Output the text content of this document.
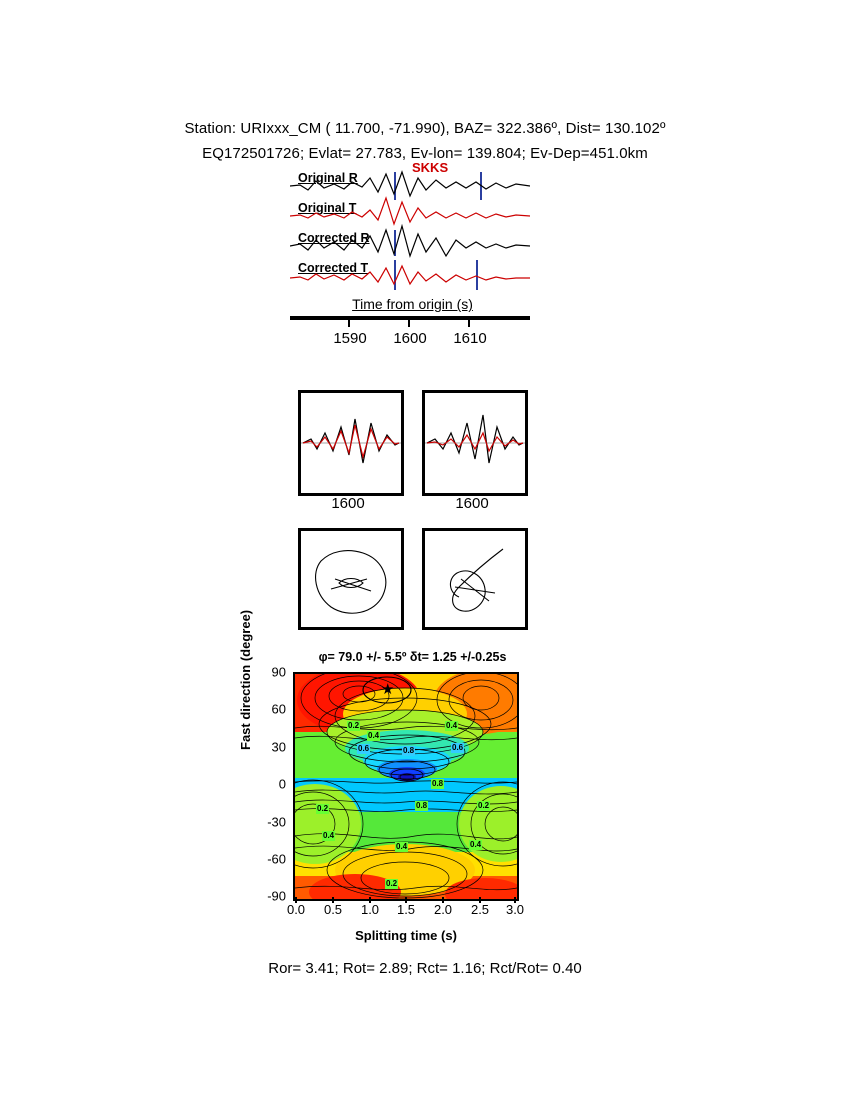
Station: URIxxx_CM ( 11.700, -71.990), BAZ= 322.386º, Dist= 130.102º
EQ172501726; Evlat= 27.783, Ev-lon= 139.804; Ev-Dep=451.0km
Original R
Original T
Corrected R
Corrected T
SKKS
Time from origin (s)
1590 1600 1610
1600	1600
φ= 79.0 +/- 5.5º δt= 1.25 +/-0.25s
Fast direction (degree)	90
60
30
0
-30
-60
-90
0.2
0.4
0.4
0.6	0.8	0.6
0.8
0.8	0.2
0.2
0.4
0.4	0.4
0.2
★
0.0 0.5 1.0 1.5 2.0 2.5 3.0
Splitting time (s)
Ror= 3.41; Rot= 2.89; Rct= 1.16; Rct/Rot= 0.40
